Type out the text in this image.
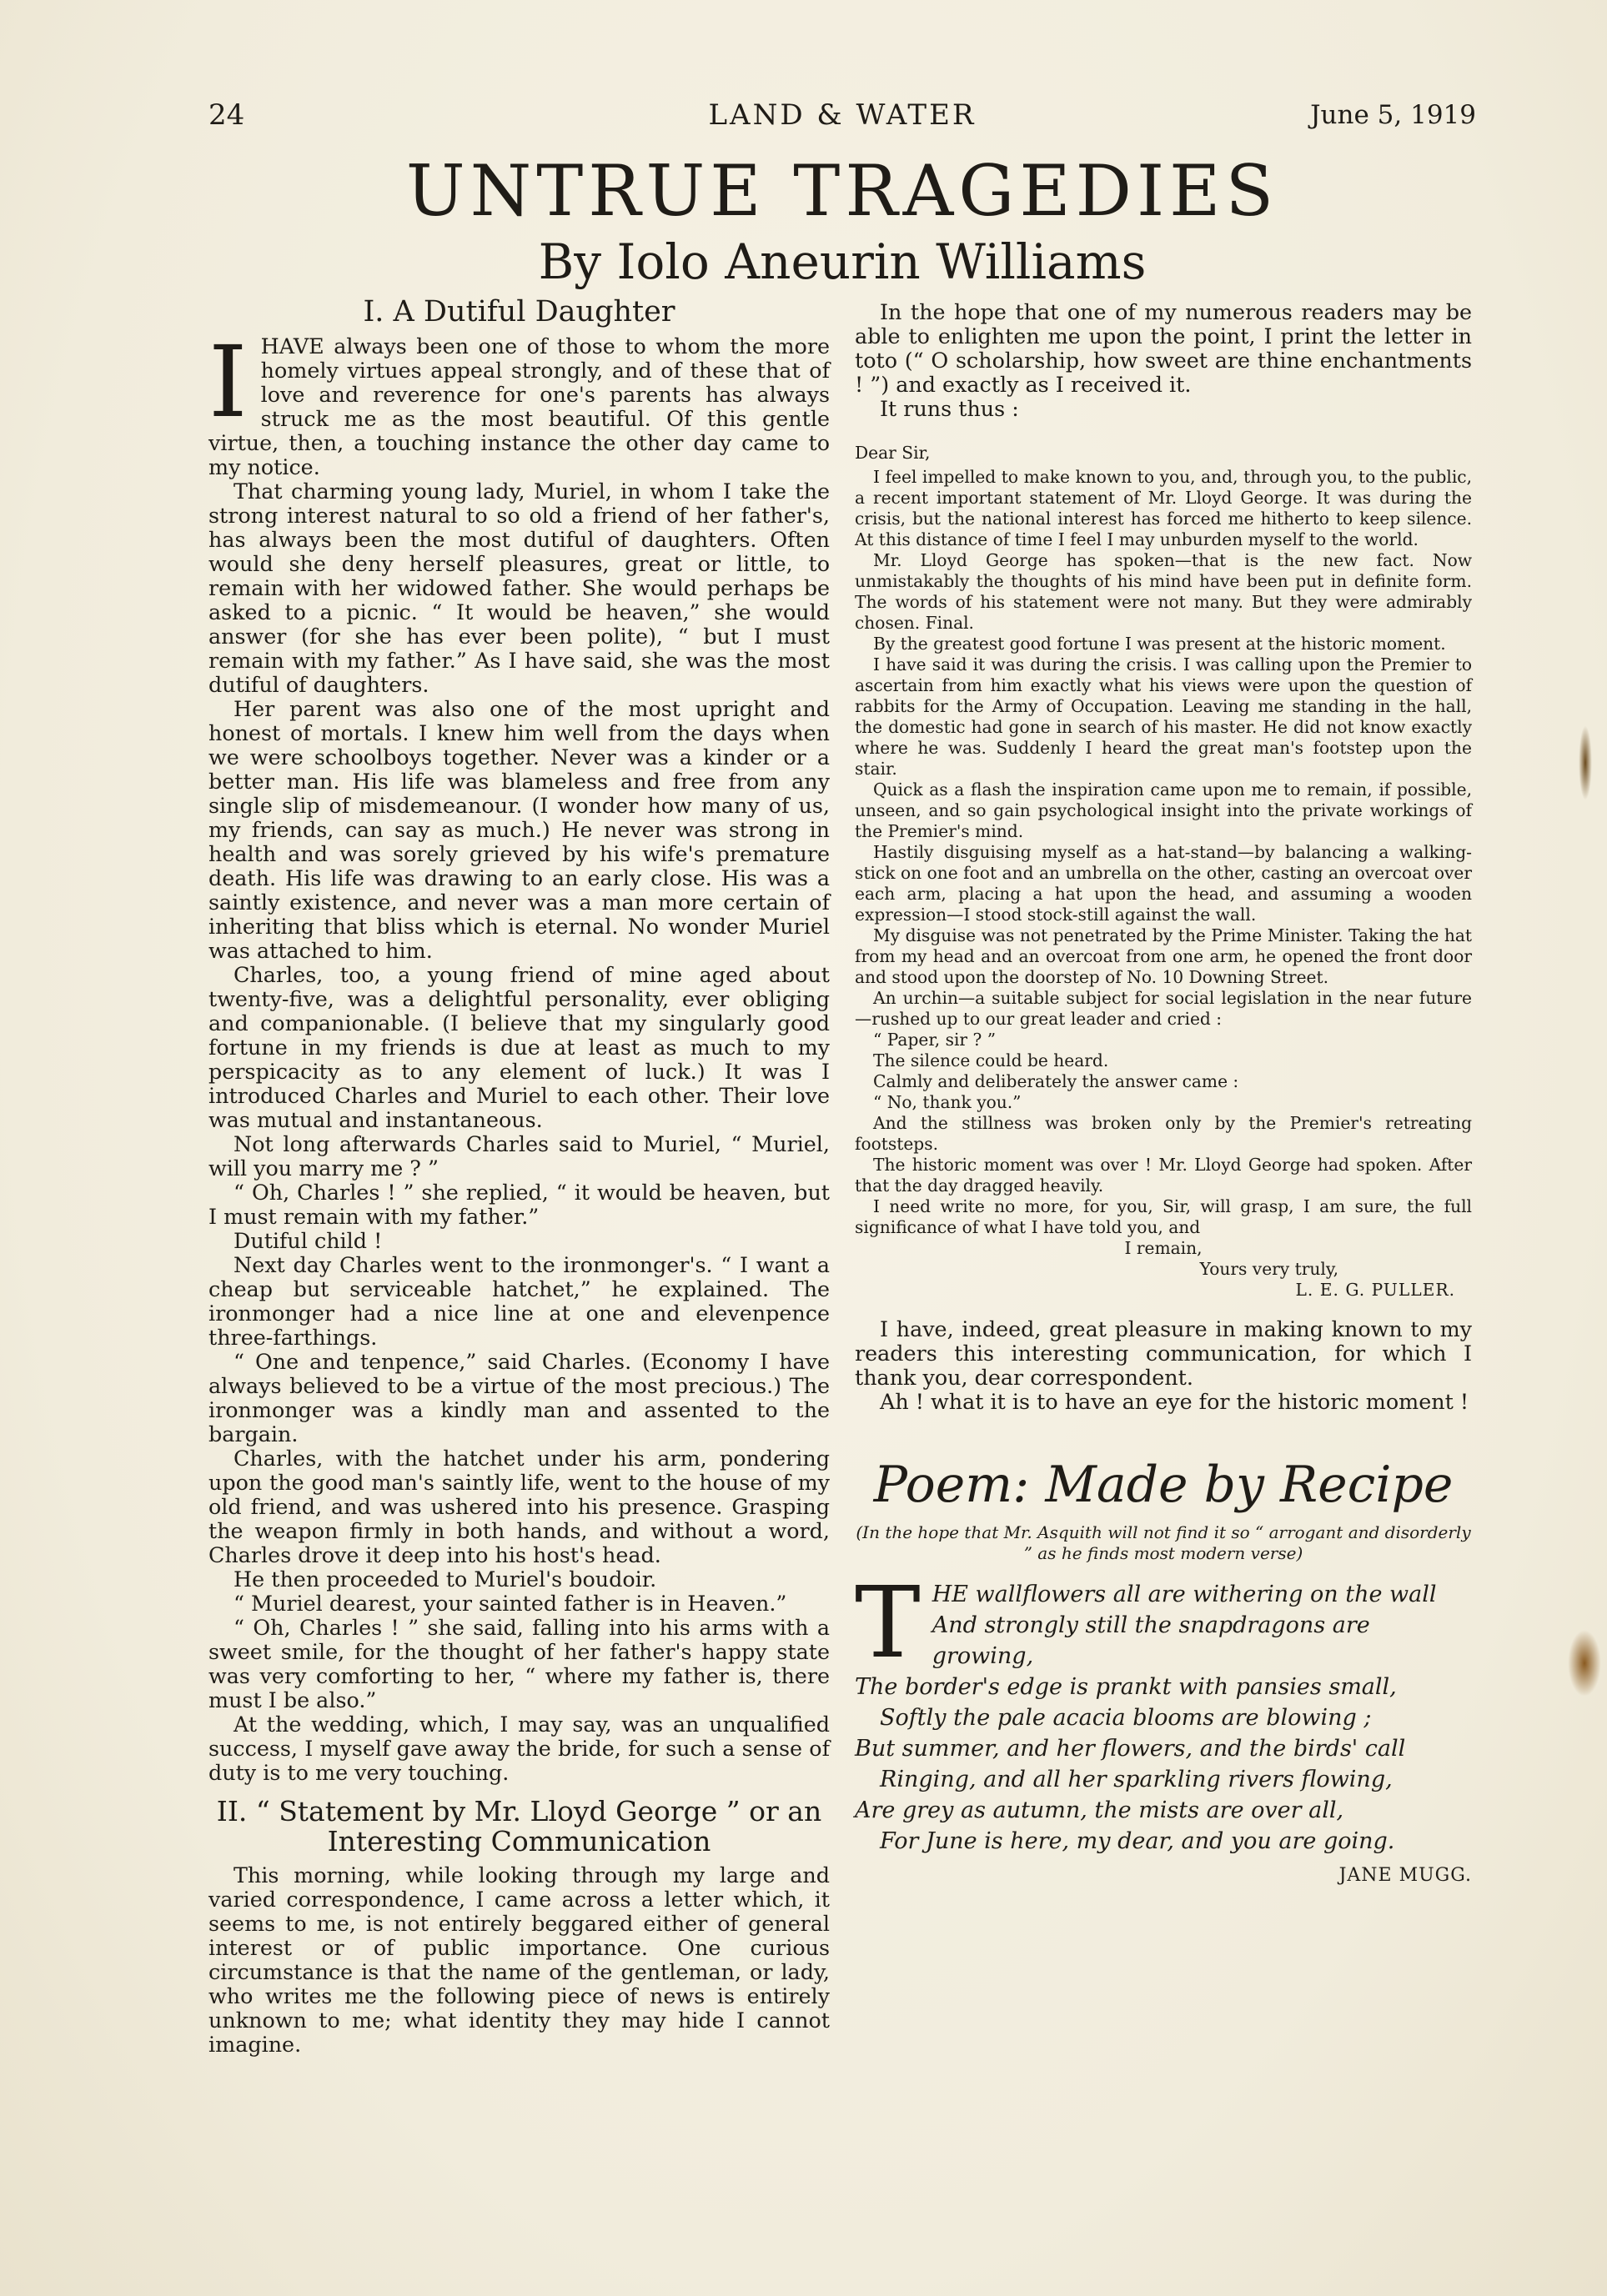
24	LAND & WATER	June 5, 1919
UNTRUE TRAGEDIES
By Iolo Aneurin Williams
I. A Dutiful Daughter

IHAVE always been one of those to whom the more homely virtues appeal strongly, and of these that of love and reverence for one's parents has always struck me as the most beautiful. Of this gentle virtue, then, a touching instance the other day came to my notice.

That charming young lady, Muriel, in whom I take the strong interest natural to so old a friend of her father's, has always been the most dutiful of daughters. Often would she deny herself pleasures, great or little, to remain with her widowed father. She would perhaps be asked to a picnic. “ It would be heaven,” she would answer (for she has ever been polite), “ but I must remain with my father.” As I have said, she was the most dutiful of daughters.

Her parent was also one of the most upright and honest of mortals. I knew him well from the days when we were schoolboys together. Never was a kinder or a better man. His life was blameless and free from any single slip of misdemeanour. (I wonder how many of us, my friends, can say as much.) He never was strong in health and was sorely grieved by his wife's premature death. His life was drawing to an early close. His was a saintly existence, and never was a man more certain of inheriting that bliss which is eternal. No wonder Muriel was attached to him.

Charles, too, a young friend of mine aged about twenty-five, was a delightful personality, ever obliging and companionable. (I believe that my singularly good fortune in my friends is due at least as much to my perspicacity as to any element of luck.) It was I introduced Charles and Muriel to each other. Their love was mutual and instantaneous.

Not long afterwards Charles said to Muriel, “ Muriel, will you marry me ? ”

“ Oh, Charles ! ” she replied, “ it would be heaven, but I must remain with my father.”

Dutiful child !

Next day Charles went to the ironmonger's. “ I want a cheap but serviceable hatchet,” he explained. The ironmonger had a nice line at one and elevenpence three-farthings.

“ One and tenpence,” said Charles. (Economy I have always believed to be a virtue of the most precious.) The ironmonger was a kindly man and assented to the bargain.

Charles, with the hatchet under his arm, pondering upon the good man's saintly life, went to the house of my old friend, and was ushered into his presence. Grasping the weapon firmly in both hands, and without a word, Charles drove it deep into his host's head.

He then proceeded to Muriel's boudoir.

“ Muriel dearest, your sainted father is in Heaven.”

“ Oh, Charles ! ” she said, falling into his arms with a sweet smile, for the thought of her father's happy state was very comforting to her, “ where my father is, there must I be also.”

At the wedding, which, I may say, was an unqualified success, I myself gave away the bride, for such a sense of duty is to me very touching.

II. “ Statement by Mr. Lloyd George ” or an Interesting Communication

This morning, while looking through my large and varied correspondence, I came across a letter which, it seems to me, is not entirely beggared either of general interest or of public importance. One curious circumstance is that the name of the gentleman, or lady, who writes me the following piece of news is entirely unknown to me; what identity they may hide I cannot imagine.

In the hope that one of my numerous readers may be able to enlighten me upon the point, I print the letter in toto (“ O scholarship, how sweet are thine enchantments ! ”) and exactly as I received it.

It runs thus :

Dear Sir,

I feel impelled to make known to you, and, through you, to the public, a recent important statement of Mr. Lloyd George. It was during the crisis, but the national interest has forced me hitherto to keep silence. At this distance of time I feel I may unburden myself to the world.

Mr. Lloyd George has spoken—that is the new fact. Now unmistakably the thoughts of his mind have been put in definite form. The words of his statement were not many. But they were admirably chosen. Final.

By the greatest good fortune I was present at the historic moment.

I have said it was during the crisis. I was calling upon the Premier to ascertain from him exactly what his views were upon the question of rabbits for the Army of Occupation. Leaving me standing in the hall, the domestic had gone in search of his master. He did not know exactly where he was. Suddenly I heard the great man's footstep upon the stair.

Quick as a flash the inspiration came upon me to remain, if possible, unseen, and so gain psychological insight into the private workings of the Premier's mind.

Hastily disguising myself as a hat-stand—by balancing a walking-stick on one foot and an umbrella on the other, casting an overcoat over each arm, placing a hat upon the head, and assuming a wooden expression—I stood stock-still against the wall.

My disguise was not penetrated by the Prime Minister. Taking the hat from my head and an overcoat from one arm, he opened the front door and stood upon the doorstep of No. 10 Downing Street.

An urchin—a suitable subject for social legislation in the near future—rushed up to our great leader and cried :

“ Paper, sir ? ”

The silence could be heard.

Calmly and deliberately the answer came :

“ No, thank you.”

And the stillness was broken only by the Premier's retreating footsteps.

The historic moment was over ! Mr. Lloyd George had spoken. After that the day dragged heavily.

I need write no more, for you, Sir, will grasp, I am sure, the full significance of what I have told you, and

I remain,

Yours very truly,

L. E. G. PULLER.

I have, indeed, great pleasure in making known to my readers this interesting communication, for which I thank you, dear correspondent.

Ah ! what it is to have an eye for the historic moment !

Poem: Made by Recipe
(In the hope that Mr. Asquith will not find it so “ arrogant and disorderly ” as he finds most modern verse)
T HE wallflowers all are withering on the wall
And strongly still the snapdragons are growing,
The border's edge is prankt with pansies small,
Softly the pale acacia blooms are blowing ;
But summer, and her flowers, and the birds' call
Ringing, and all her sparkling rivers flowing,
Are grey as autumn, the mists are over all,
For June is here, my dear, and you are going.
JANE MUGG.
